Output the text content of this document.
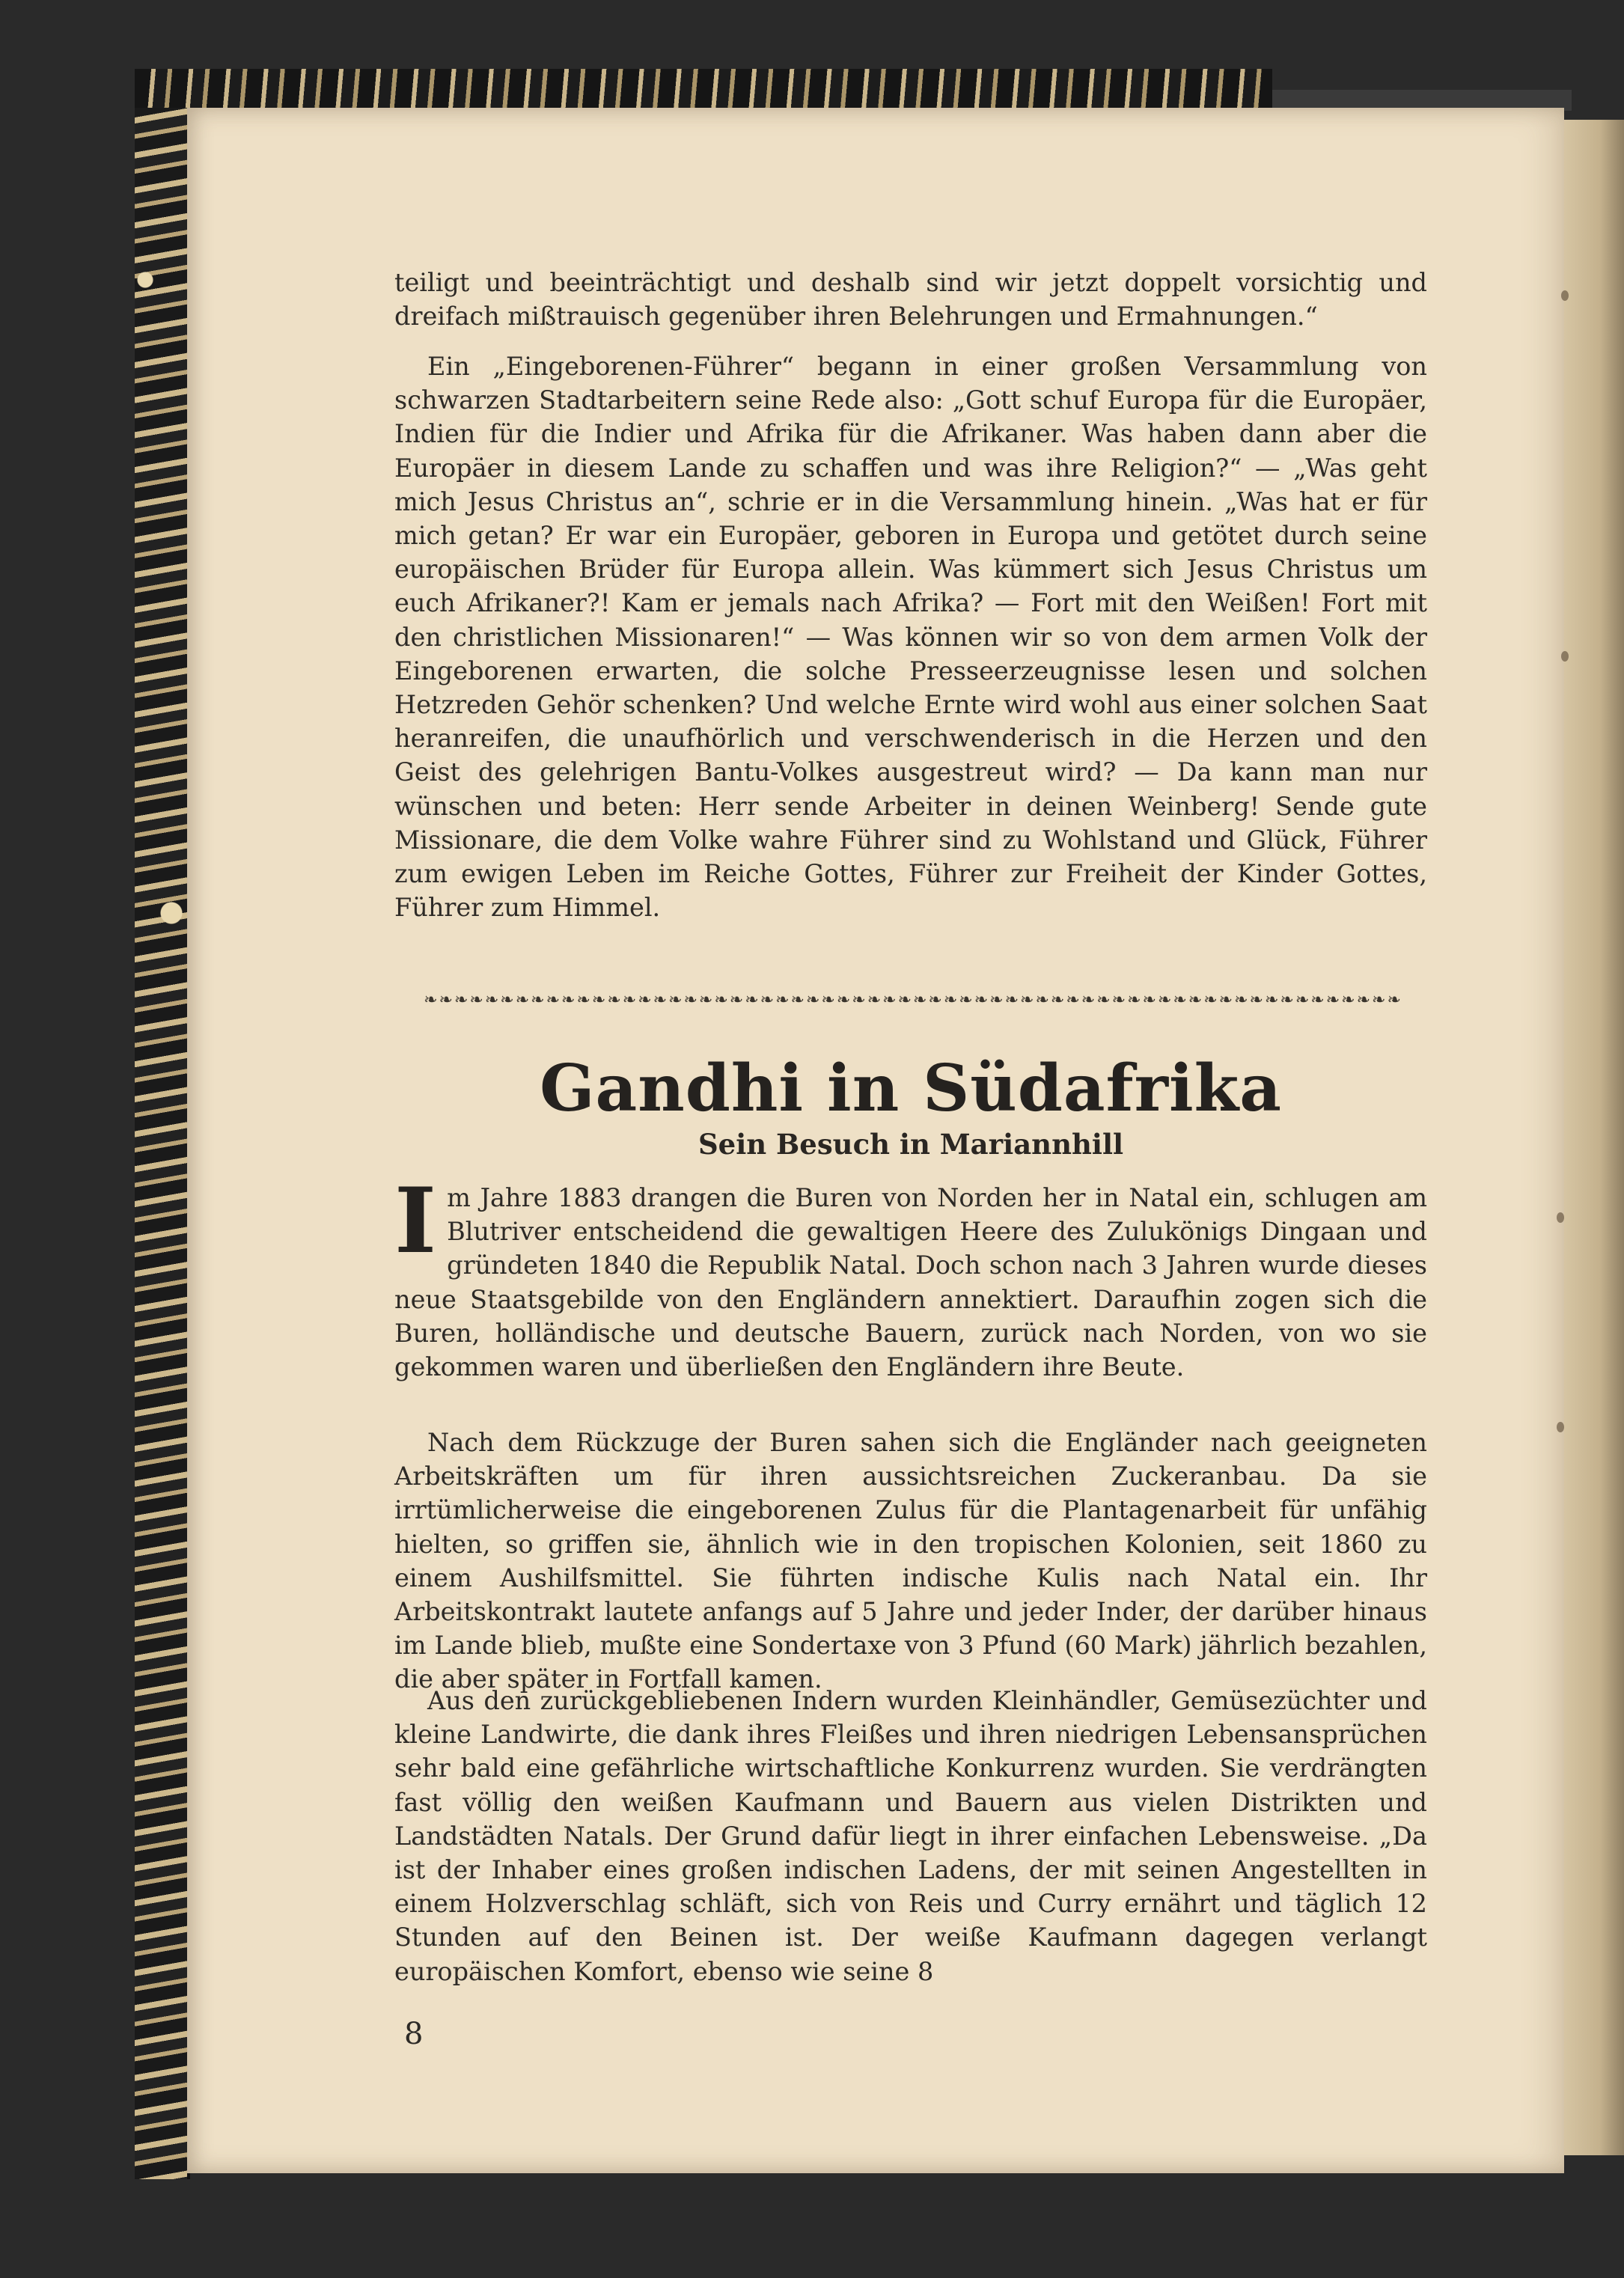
teiligt und beeinträchtigt und deshalb sind wir jetzt doppelt vorsichtig und dreifach mißtrauisch gegenüber ihren Belehrungen und Ermahnungen.“

Ein „Eingeborenen-Führer“ begann in einer großen Versammlung von schwarzen Stadtarbeitern seine Rede also: „Gott schuf Europa für die Europäer, Indien für die Indier und Afrika für die Afrikaner. Was haben dann aber die Europäer in diesem Lande zu schaffen und was ihre Religion?“ — „Was geht mich Jesus Christus an“, schrie er in die Versammlung hinein. „Was hat er für mich getan? Er war ein Europäer, geboren in Europa und getötet durch seine europäischen Brüder für Europa allein. Was kümmert sich Jesus Christus um euch Afrikaner?! Kam er jemals nach Afrika? — Fort mit den Weißen! Fort mit den christlichen Missionaren!“ — Was können wir so von dem armen Volk der Eingeborenen erwarten, die solche Presseerzeugnisse lesen und solchen Hetzreden Gehör schenken? Und welche Ernte wird wohl aus einer solchen Saat heranreifen, die unaufhörlich und verschwenderisch in die Herzen und den Geist des gelehrigen Bantu-Volkes ausgestreut wird? — Da kann man nur wünschen und beten: Herr sende Arbeiter in deinen Weinberg! Sende gute Missionare, die dem Volke wahre Führer sind zu Wohlstand und Glück, Führer zum ewigen Leben im Reiche Gottes, Führer zur Freiheit der Kinder Gottes, Führer zum Himmel.

❧❧❧❧❧❧❧❧❧❧❧❧❧❧❧❧❧❧❧❧❧❧❧❧❧❧❧❧❧❧❧❧❧❧❧❧❧❧❧❧❧❧❧❧❧❧❧❧❧❧❧❧❧❧❧❧❧❧❧❧❧❧❧❧
Gandhi in Südafrika
Sein Besuch in Mariannhill
Im Jahre 1883 drangen die Buren von Norden her in Natal ein, schlugen am Blutriver entscheidend die gewaltigen Heere des Zulukönigs Dingaan und gründeten 1840 die Republik Natal. Doch schon nach 3 Jahren wurde dieses neue Staatsgebilde von den Engländern annektiert. Daraufhin zogen sich die Buren, holländische und deutsche Bauern, zurück nach Norden, von wo sie gekommen waren und überließen den Engländern ihre Beute.

Nach dem Rückzuge der Buren sahen sich die Engländer nach geeigneten Arbeitskräften um für ihren aussichtsreichen Zuckeranbau. Da sie irrtümlicherweise die eingeborenen Zulus für die Plantagenarbeit für unfähig hielten, so griffen sie, ähnlich wie in den tropischen Kolonien, seit 1860 zu einem Aushilfsmittel. Sie führten indische Kulis nach Natal ein. Ihr Arbeitskontrakt lautete anfangs auf 5 Jahre und jeder Inder, der darüber hinaus im Lande blieb, mußte eine Sondertaxe von 3 Pfund (60 Mark) jährlich bezahlen, die aber später in Fortfall kamen.

Aus den zurückgebliebenen Indern wurden Kleinhändler, Gemüsezüchter und kleine Landwirte, die dank ihres Fleißes und ihren niedrigen Lebensansprüchen sehr bald eine gefährliche wirtschaftliche Konkurrenz wurden. Sie verdrängten fast völlig den weißen Kaufmann und Bauern aus vielen Distrikten und Landstädten Natals. Der Grund dafür liegt in ihrer einfachen Lebensweise. „Da ist der Inhaber eines großen indischen Ladens, der mit seinen Angestellten in einem Holzverschlag schläft, sich von Reis und Curry ernährt und täglich 12 Stunden auf den Beinen ist. Der weiße Kaufmann dagegen verlangt europäischen Komfort, ebenso wie seine 8

8
